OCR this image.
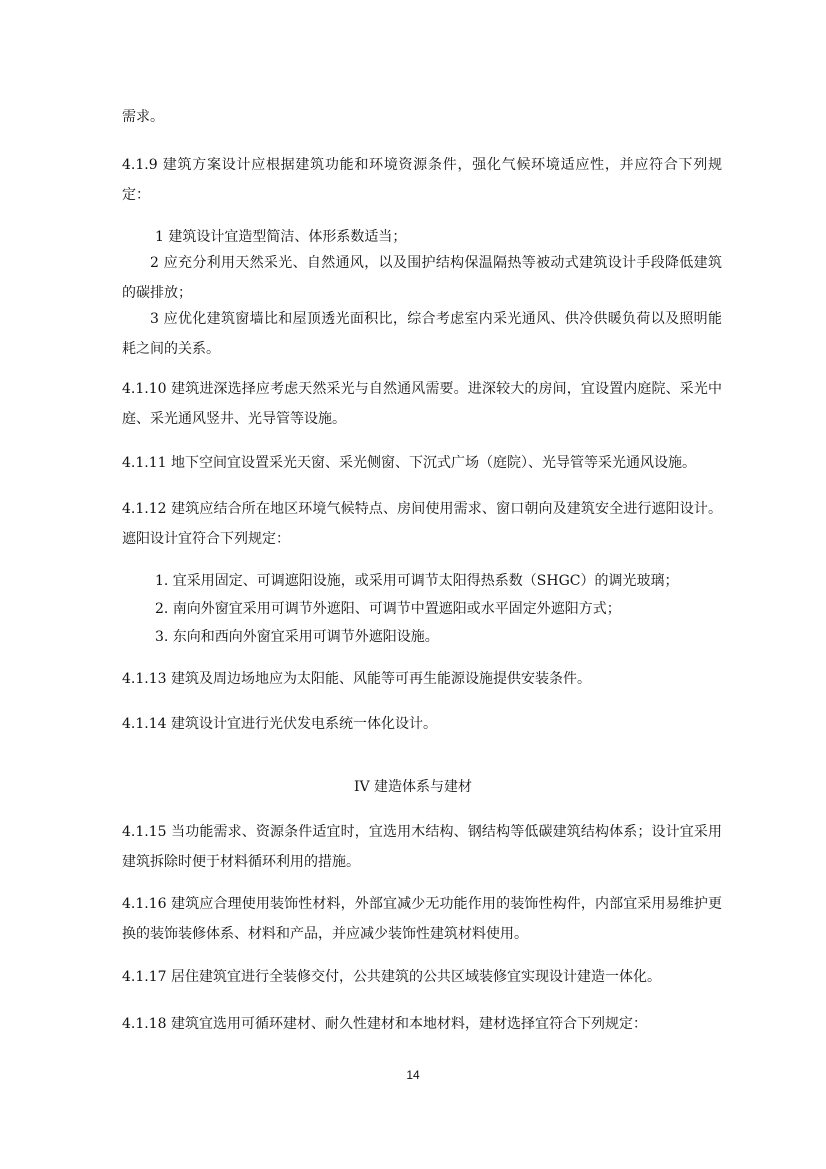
需求。

4.1.9 建筑方案设计应根据建筑功能和环境资源条件，强化气候环境适应性，并应符合下列规定：

1 建筑设计宜造型简洁、体形系数适当；

2 应充分利用天然采光、自然通风，以及围护结构保温隔热等被动式建筑设计手段降低建筑的碳排放；

3 应优化建筑窗墙比和屋顶透光面积比，综合考虑室内采光通风、供冷供暖负荷以及照明能耗之间的关系。

4.1.10 建筑进深选择应考虑天然采光与自然通风需要。进深较大的房间，宜设置内庭院、采光中庭、采光通风竖井、光导管等设施。

4.1.11 地下空间宜设置采光天窗、采光侧窗、下沉式广场（庭院）、光导管等采光通风设施。

4.1.12 建筑应结合所在地区环境气候特点、房间使用需求、窗口朝向及建筑安全进行遮阳设计。遮阳设计宜符合下列规定：

1. 宜采用固定、可调遮阳设施，或采用可调节太阳得热系数（SHGC）的调光玻璃；

2. 南向外窗宜采用可调节外遮阳、可调节中置遮阳或水平固定外遮阳方式；

3. 东向和西向外窗宜采用可调节外遮阳设施。

4.1.13 建筑及周边场地应为太阳能、风能等可再生能源设施提供安装条件。

4.1.14 建筑设计宜进行光伏发电系统一体化设计。

IV 建造体系与建材

4.1.15 当功能需求、资源条件适宜时，宜选用木结构、钢结构等低碳建筑结构体系；设计宜采用建筑拆除时便于材料循环利用的措施。

4.1.16 建筑应合理使用装饰性材料，外部宜减少无功能作用的装饰性构件，内部宜采用易维护更换的装饰装修体系、材料和产品，并应减少装饰性建筑材料使用。

4.1.17 居住建筑宜进行全装修交付，公共建筑的公共区域装修宜实现设计建造一体化。

4.1.18 建筑宜选用可循环建材、耐久性建材和本地材料，建材选择宜符合下列规定：

14
